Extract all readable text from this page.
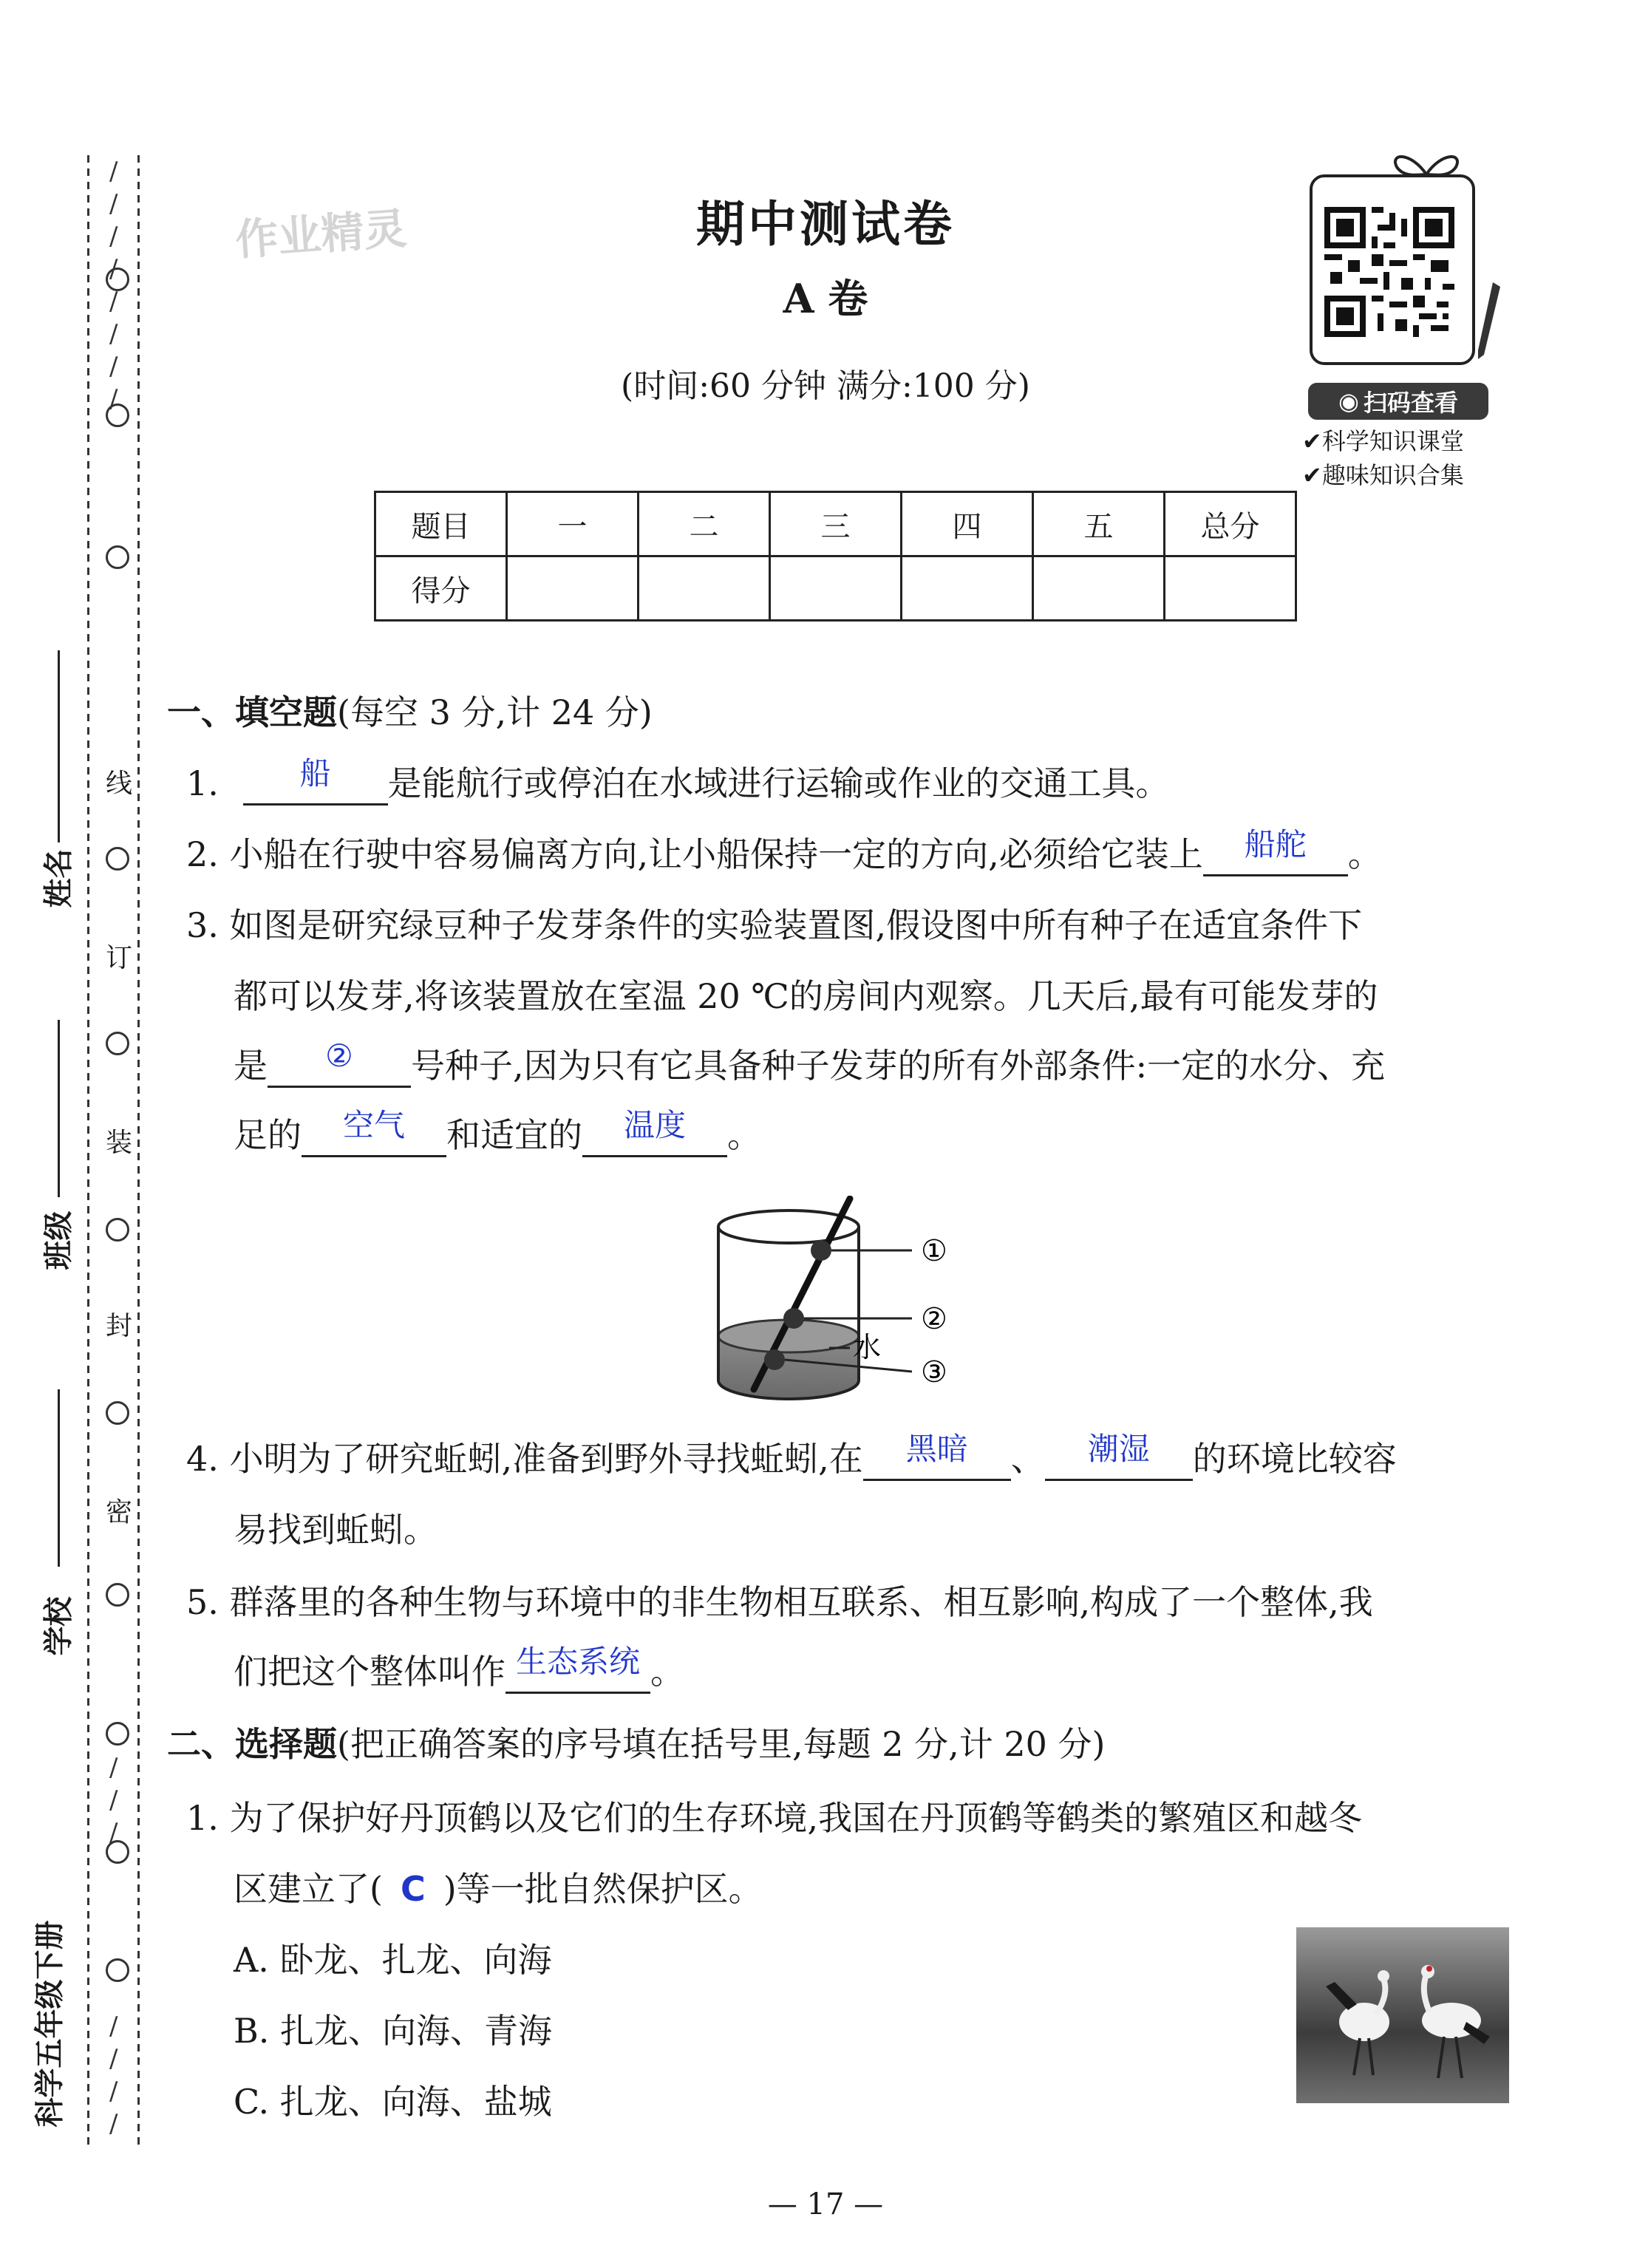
作业精灵	期中测试卷
A 卷
(时间:60 分钟 满分:100 分)	◉ 扫码查看
✔科学知识课堂
✔趣味知识合集
题目	一	二	三	四	五	总分
得分						
/
/
/
/
/
/
/
/
线
订
装
封
密
/
/
/
/
/
/
/
姓名
班级
学校
科学五年级下册
一、填空题(每空 3 分,计 24 分)
1.	船	是能航行或停泊在水域进行运输或作业的交通工具。
2. 小船在行驶中容易偏离方向,让小船保持一定的方向,必须给它装上	船舵	。
3. 如图是研究绿豆种子发芽条件的实验装置图,假设图中所有种子在适宜条件下
都可以发芽,将该装置放在室温 20 ℃的房间内观察。几天后,最有可能发芽的
是	②	号种子,因为只有它具备种子发芽的所有外部条件:一定的水分、充
足的	空气	和适宜的	温度	。
①
②
③
水
4. 小明为了研究蚯蚓,准备到野外寻找蚯蚓,在	黑暗	、	潮湿	的环境比较容
易找到蚯蚓。
5. 群落里的各种生物与环境中的非生物相互联系、相互影响,构成了一个整体,我
们把这个整体叫作 生态系统 。
二、选择题(把正确答案的序号填在括号里,每题 2 分,计 20 分)
1. 为了保护好丹顶鹤以及它们的生存环境,我国在丹顶鹤等鹤类的繁殖区和越冬
区建立了( C )等一批自然保护区。
A. 卧龙、扎龙、向海
B. 扎龙、向海、青海
C. 扎龙、向海、盐城
— 17 —
